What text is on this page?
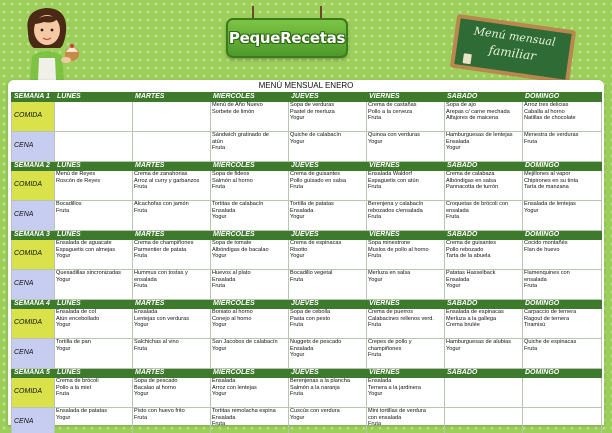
PequeRecetas	Menú mensual
familiar
MENÚ MENSUAL ENERO
SEMANA 1	LUNES	MARTES	MIÉRCOLES	JUEVES	VIERNES	SÁBADO	DOMINGO
COMIDA			Menú de Año Nuevo
Sorbete de limón	Sopa de verduras
Pastel de merluza
Yogur	Crema de castañas
Pollo a la cerveza
Fruta	Sopa de ajo
Arepas c/ carne mechada
Alfajores de maicena	Arroz tres delicias
Caballa al horno
Natillas de chocolate

CENA			Sándwich gratinado de
atún
Fruta	Quiche de calabacín
Yogur	Quinoa con verduras
Yogur	Hamburguesas de lentejas
Ensalada
Yogur	Menestra de verduras
Fruta

SEMANA 2	LUNES	MARTES	MIÉRCOLES	JUEVES	VIERNES	SÁBADO	DOMINGO
COMIDA	Menú de Reyes
Roscón de Reyes	Crema de zanahorias
Arroz al curry y garbanzos
Fruta	Sopa de fideos
Salmón al horno
Fruta	Crema de guisantes
Pollo guisado en salsa
Fruta	Ensalada Waldorf
Espaguetis con atún
Fruta	Crema de calabaza
Albóndigas en salsa
Pannacotta de turrón	Mejillones al vapor
Chipirones en su tinta
Tarta de manzana

CENA	Bocadillos
Fruta	Alcachofas con jamón
Fruta	Tortitas de calabacín
Ensalada
Yogur	Tortilla de patatas
Ensalada
Yogur	Berenjena y calabacín
rebozados c/ensalada
Fruta	Croquetas de brócoli con
ensalada
Fruta	Ensalada de lentejas
Yogur

SEMANA 3	LUNES	MARTES	MIÉRCOLES	JUEVES	VIERNES	SÁBADO	DOMINGO
COMIDA	Ensalada de aguacate
Espaguetis con almejas
Yogur	Crema de champiñones
Parmentier de patata
Fruta	Sopa de tomate
Albóndigas de bacalao
Yogur	Crema de espinacas
Risotto
Yogur	Sopa minestrone
Muslos de pollo al horno
Fruta	Crema de guisantes
Pollo rebozado
Tarta de la abuela	Cocido montañés
Flan de huevo

CENA	Quesadillas sincronizadas
Yogur	Hummus con tostas y
ensalada
Fruta	Huevos al plato
Ensalada
Fruta	Bocadillo vegetal
Fruta	Merluza en salsa
Yogur	Patatas Hasselback
Ensalada
Yogur	Flamenquines con
ensalada
Fruta

SEMANA 4	LUNES	MARTES	MIÉRCOLES	JUEVES	VIERNES	SÁBADO	DOMINGO
COMIDA	Ensalada de col
Atún encebollado
Yogur	Ensalada
Lentejas con verduras
Yogur	Boniato al horno
Conejo al horno
Yogur	Sopa de cebolla
Pasta con pesto
Fruta	Crema de puerros
Calabacines rellenos verd.
Fruta	Ensalada de espinacas
Merluza a la gallega
Crema brulée	Carpaccio de ternera
Ragout de ternera
Tiramisú

CENA	Tortilla de pan
Yogur	Salchichas al vino
Fruta	San Jacobos de calabacín
Yogur	Nuggets de pescado
Ensalada
Yogur	Crepes de pollo y
champiñones
Fruta	Hamburguesas de alubias
Yogur	Quiche de espinacas
Fruta

SEMANA 5	LUNES	MARTES	MIÉRCOLES	JUEVES	VIERNES	SÁBADO	DOMINGO
COMIDA	Crema de brócoli
Pollo a la miel
Fruta	Sopa de pescado
Bacalao al horno
Yogur	Ensalada
Arroz con lentejas
Yogur	Berenjenas a la plancha
Salmón a la naranja
Fruta	Ensalada
Ternera a la jardinera
Yogur		

CENA	Ensalada de patatas
Yogur	Pisto con huevo frito
Fruta	Tortitas remolacha espina
Ensalada
Fruta	Cuscús con verdura
Yogur	Mini tortillas de verdura
con ensalada
Fruta		
